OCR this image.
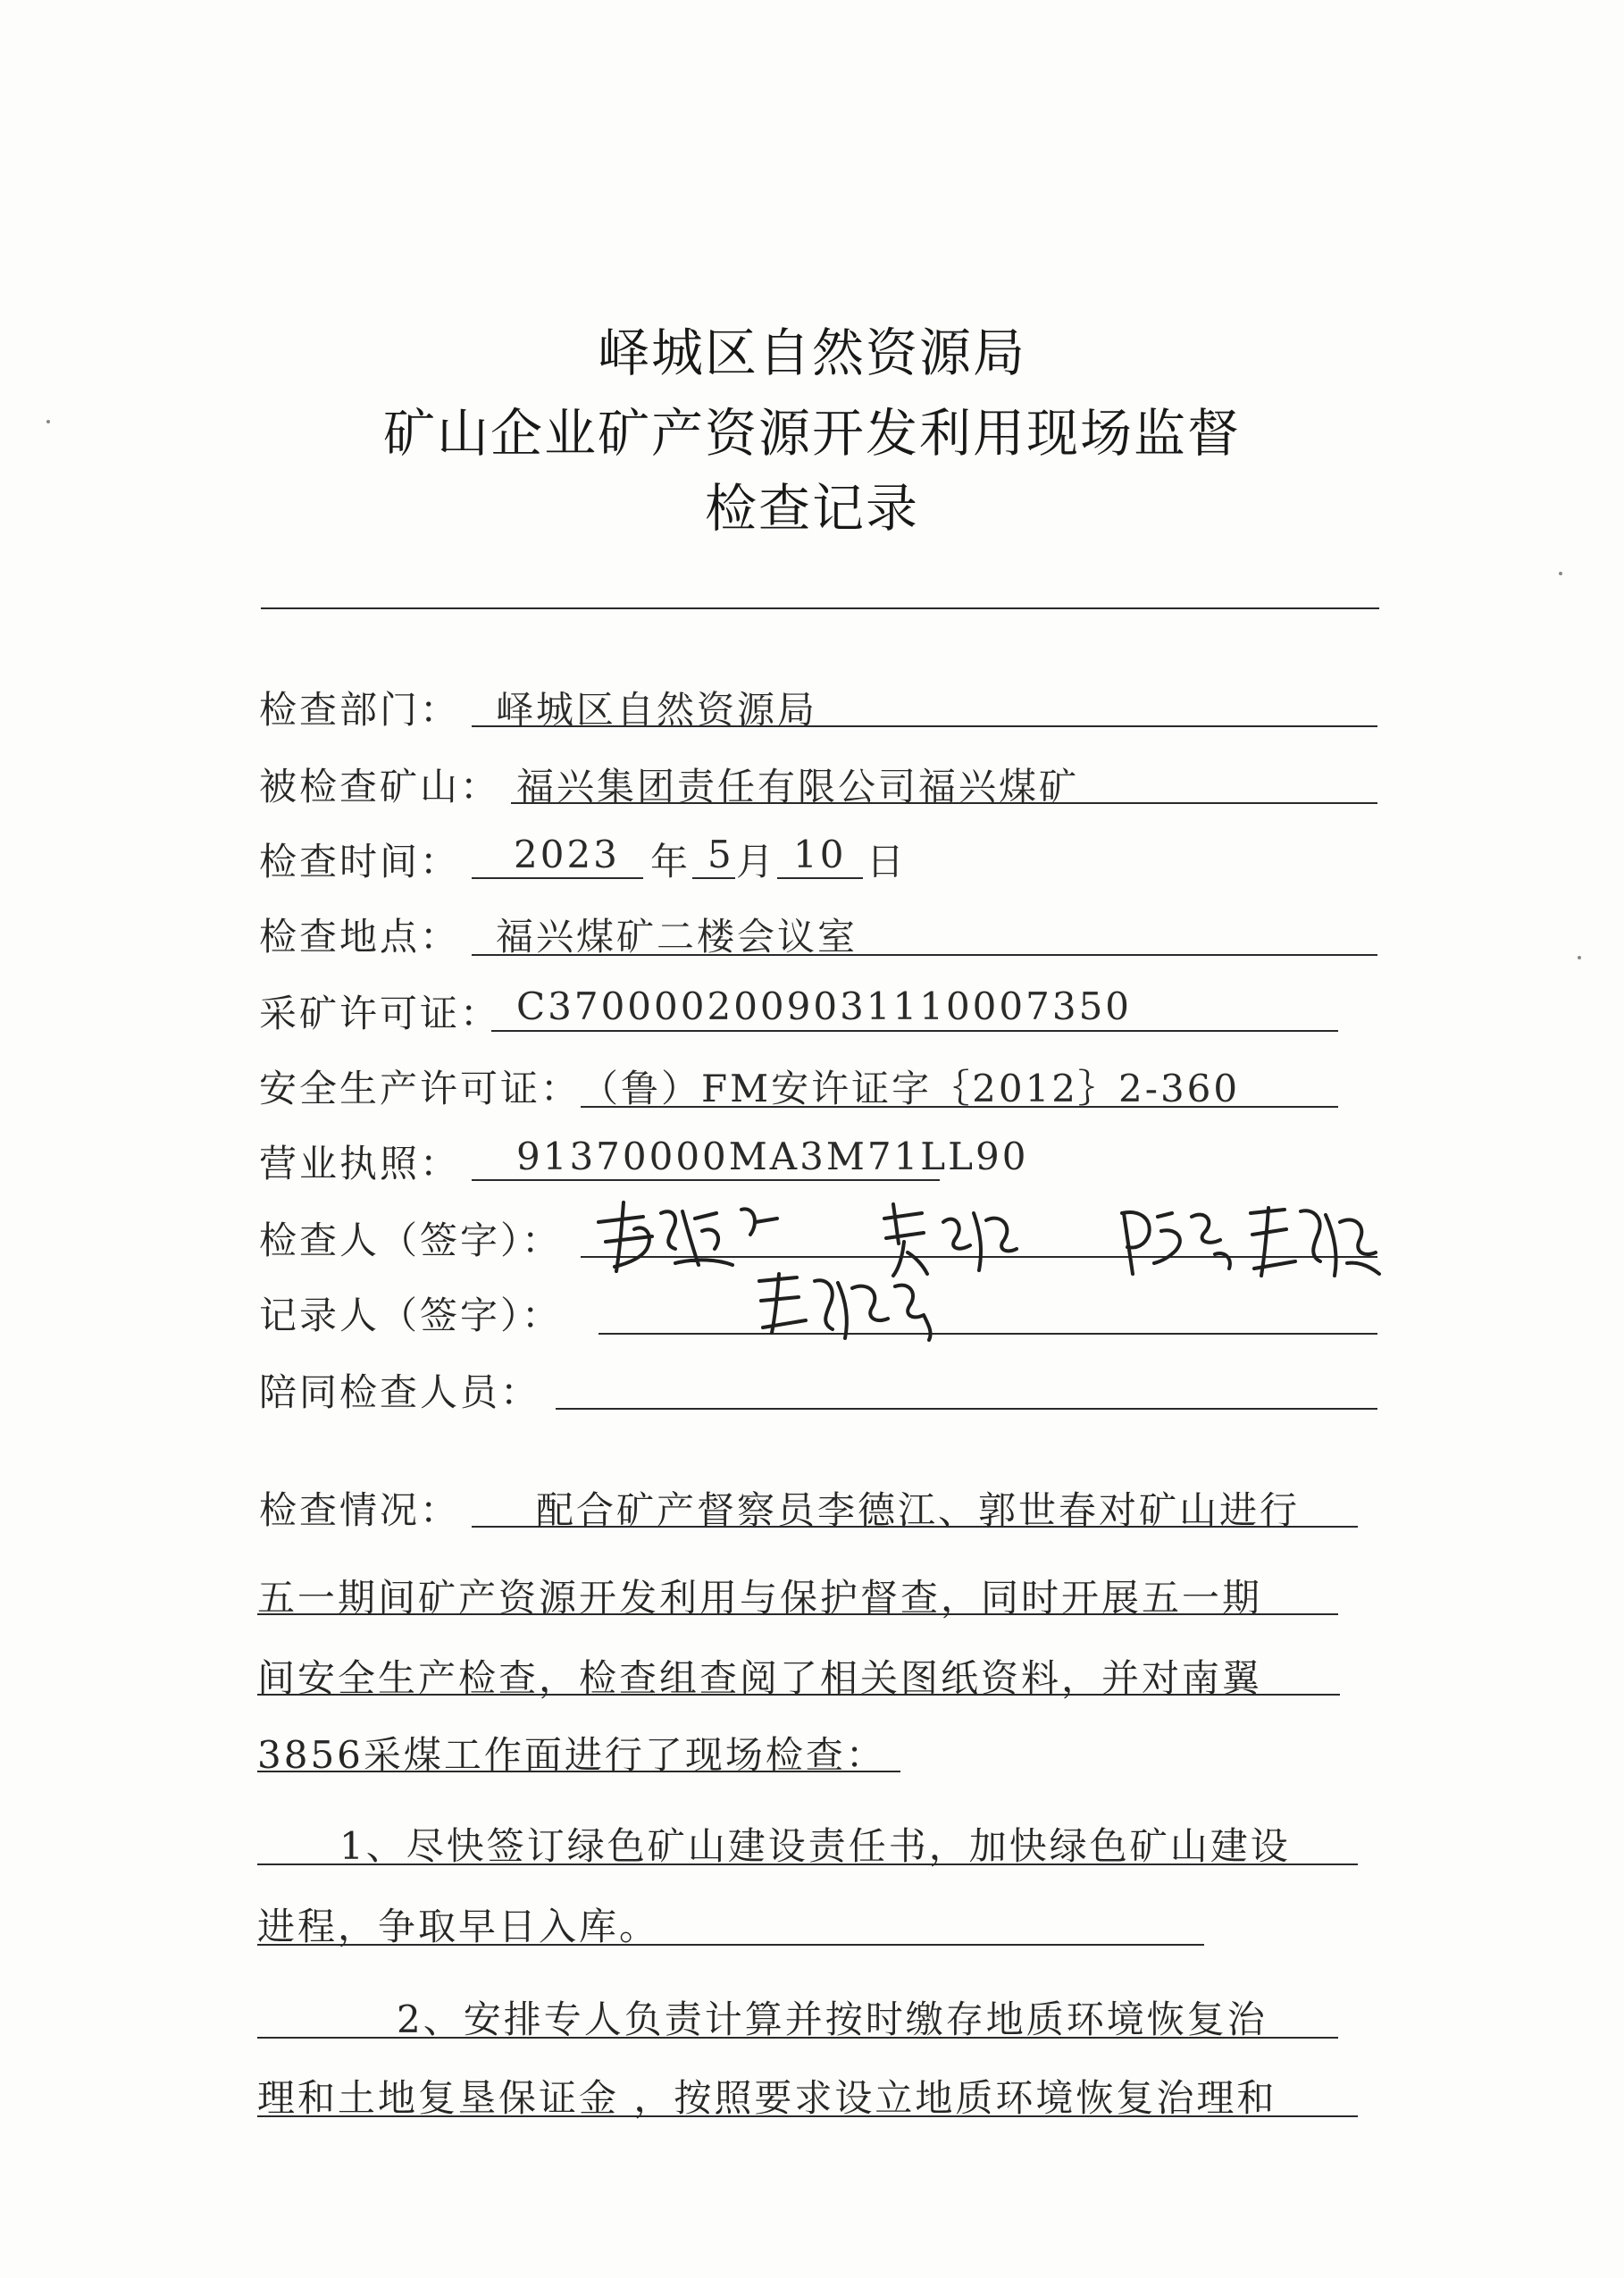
峄城区自然资源局
矿山企业矿产资源开发利用现场监督
检查记录
检查部门： 峄城区自然资源局
被检查矿山： 福兴集团责任有限公司福兴煤矿
检查时间： 2023 年 5 月 10 日
检查地点： 福兴煤矿二楼会议室
采矿许可证： C3700002009031110007350
安全生产许可证： （鲁）FM安许证字｛2012｝2-360
营业执照： 91370000MA3M71LL90
检查人（签字）：
记录人（签字）：
陪同检查人员：
检查情况： 配合矿产督察员李德江、郭世春对矿山进行
五一期间矿产资源开发利用与保护督查，同时开展五一期
间安全生产检查，检查组查阅了相关图纸资料，并对南翼
3856采煤工作面进行了现场检查：
1、尽快签订绿色矿山建设责任书，加快绿色矿山建设
进程，争取早日入库。
2、安排专人负责计算并按时缴存地质环境恢复治
理和土地复垦保证金 ，按照要求设立地质环境恢复治理和
